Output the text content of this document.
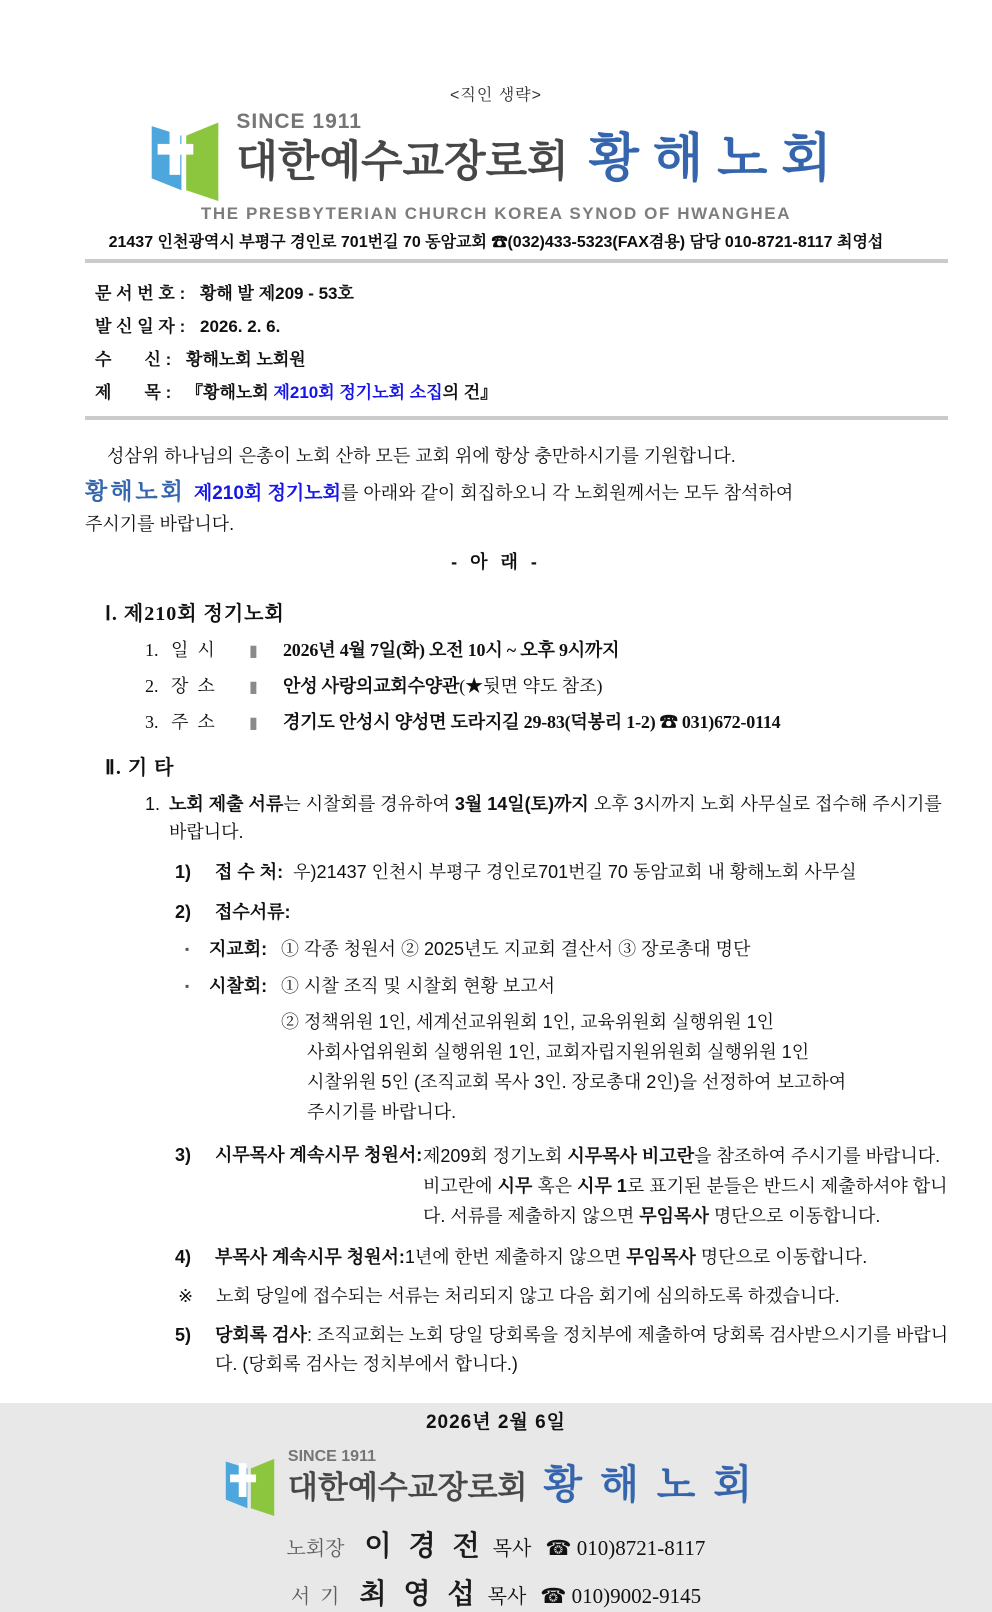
<직인 생략>
SINCE 1911
대한예수교장로회 황해노회
THE PRESBYTERIAN CHURCH KOREA SYNOD OF HWANGHEA
21437 인천광역시 부평구 경인로 701번길 70 동암교회 ☎(032)433-5323(FAX겸용) 담당 010-8721-8117 최영섭
문 서 번 호 : 황해 발 제209 - 53호
발 신 일 자 : 2026. 2. 6.
수       신 : 황해노회 노회원
제       목 : 『황해노회 제210회 정기노회 소집의 건』

성삼위 하나님의 은총이 노회 산하 모든 교회 위에 항상 충만하시기를 기원합니다.

황해노회 제210회 정기노회를 아래와 같이 회집하오니 각 노회원께서는 모두 참석하여

주시기를 바랍니다.

- 아 래 -

Ⅰ. 제210회 정기노회
1. 일  시	▮	2026년 4월 7일(화) 오전 10시 ~ 오후 9시까지
2. 장  소	▮	안성 사랑의교회수양관 (★뒷면 약도 참조)
3. 주  소	▮	경기도 안성시 양성면 도라지길 29-83(덕봉리 1-2) ☎ 031)672-0114
Ⅱ. 기 타
1. 노회 제출 서류는 시찰회를 경유하여 3월 14일(토)까지 오후 3시까지 노회 사무실로 접수해 주시기를 바랍니다.
1)	접 수 처: 우)21437 인천시 부평구 경인로701번길 70 동암교회 내 황해노회 사무실
2)	접수서류:
▪	지교회: ① 각종 청원서 ② 2025년도 지교회 결산서 ③ 장로총대 명단
▪	시찰회: ① 시찰 조직 및 시찰회 현황 보고서
② 정책위원 1인, 세계선교위원회 1인, 교육위원회 실행위원 1인
사회사업위원회 실행위원 1인, 교회자립지원위원회 실행위원 1인
시찰위원 5인 (조직교회 목사 3인. 장로총대 2인)을 선정하여 보고하여
주시기를 바랍니다.
3)	시무목사 계속시무 청원서: 제209회 정기노회 시무목사 비고란을 참조하여 주시기를 바랍니다. 비고란에 시무 혹은 시무 1로 표기된 분들은 반드시 제출하셔야 합니다. 서류를 제출하지 않으면 무임목사 명단으로 이동합니다.
4)	부목사 계속시무 청원서: 1년에 한번 제출하지 않으면 무임목사 명단으로 이동합니다.
※	노회 당일에 접수되는 서류는 처리되지 않고 다음 회기에 심의하도록 하겠습니다.
5)	당회록 검사: 조직교회는 노회 당일 당회록을 정치부에 제출하여 당회록 검사받으시기를 바랍니다. (당회록 검사는 정치부에서 합니다.)
2026년 2월 6일
SINCE 1911
대한예수교장로회 황해노회
노회장 이 경 전 목사 ☎ 010)8721-8117
서  기 최 영 섭 목사 ☎ 010)9002-9145
